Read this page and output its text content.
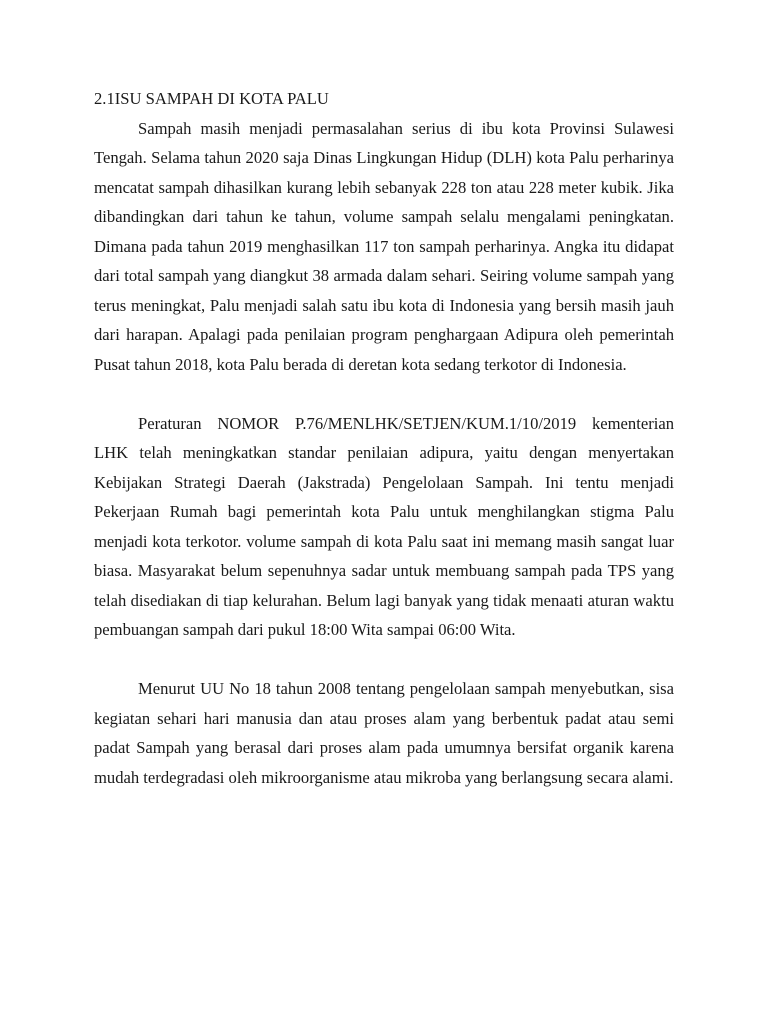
2.1ISU SAMPAH DI KOTA PALU

Sampah masih menjadi permasalahan serius di ibu kota Provinsi Sulawesi Tengah. Selama tahun 2020 saja Dinas Lingkungan Hidup (DLH) kota Palu perharinya mencatat sampah dihasilkan kurang lebih sebanyak 228 ton atau 228 meter kubik. Jika dibandingkan dari tahun ke tahun, volume sampah selalu mengalami peningkatan. Dimana pada tahun 2019 menghasilkan 117 ton sampah perharinya. Angka itu didapat dari total sampah yang diangkut 38 armada dalam sehari. Seiring volume sampah yang terus meningkat, Palu menjadi salah satu ibu kota di Indonesia yang bersih masih jauh dari harapan. Apalagi pada penilaian program penghargaan Adipura oleh pemerintah Pusat tahun 2018, kota Palu berada di deretan kota sedang terkotor di Indonesia.

Peraturan NOMOR P.76/MENLHK/SETJEN/KUM.1/10/2019 kementerian LHK telah meningkatkan standar penilaian adipura, yaitu dengan menyertakan Kebijakan Strategi Daerah (Jakstrada) Pengelolaan Sampah. Ini tentu menjadi Pekerjaan Rumah bagi pemerintah kota Palu untuk menghilangkan stigma Palu menjadi kota terkotor. volume sampah di kota Palu saat ini memang masih sangat luar biasa. Masyarakat belum sepenuhnya sadar untuk membuang sampah pada TPS yang telah disediakan di tiap kelurahan. Belum lagi banyak yang tidak menaati aturan waktu pembuangan sampah dari pukul 18:00 Wita sampai 06:00 Wita.

Menurut UU No 18 tahun 2008 tentang pengelolaan sampah menyebutkan, sisa kegiatan sehari hari manusia dan atau proses alam yang berbentuk padat atau semi padat Sampah yang berasal dari proses alam pada umumnya bersifat organik karena mudah terdegradasi oleh mikroorganisme atau mikroba yang berlangsung secara alami.
